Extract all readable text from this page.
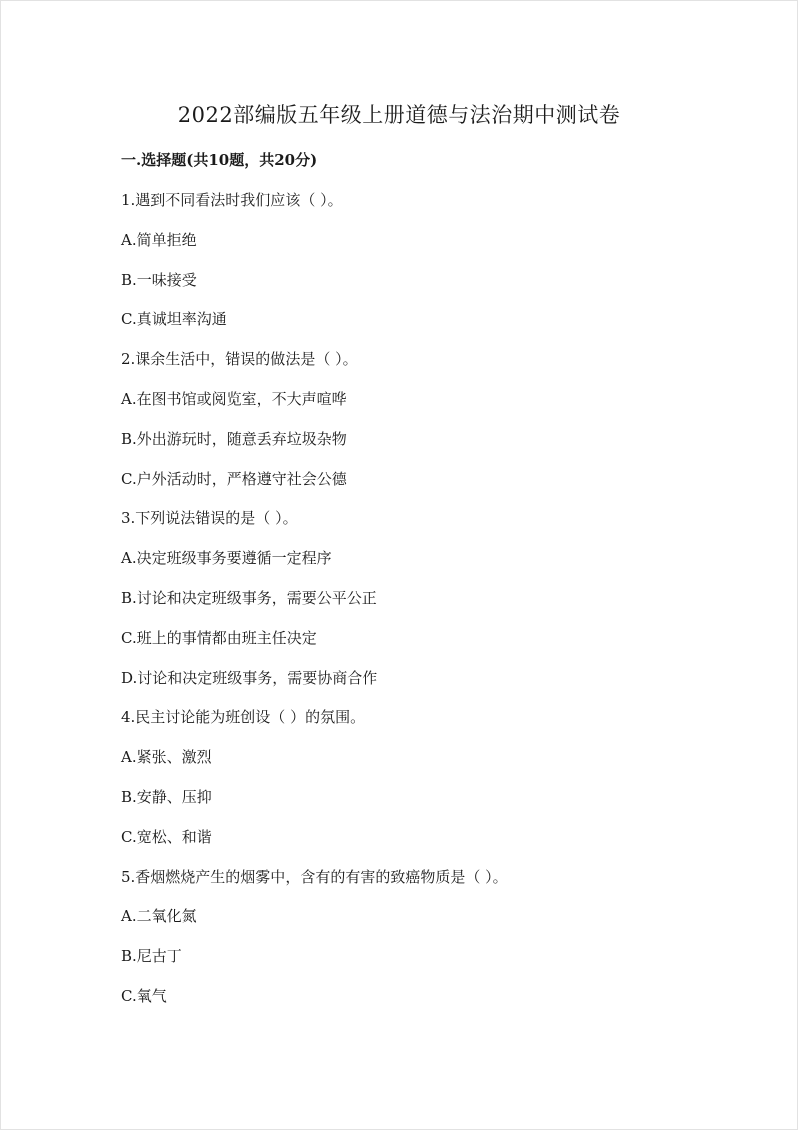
2022部编版五年级上册道德与法治期中测试卷
一.选择题(共10题，共20分)
1.遇到不同看法时我们应该（ ）。
A.简单拒绝
B.一味接受
C.真诚坦率沟通
2.课余生活中，错误的做法是（ ）。
A.在图书馆或阅览室，不大声喧哗
B.外出游玩时，随意丢弃垃圾杂物
C.户外活动时，严格遵守社会公德
3.下列说法错误的是（ ）。
A.决定班级事务要遵循一定程序
B.讨论和决定班级事务，需要公平公正
C.班上的事情都由班主任决定
D.讨论和决定班级事务，需要协商合作
4.民主讨论能为班创设（ ）的氛围。
A.紧张、激烈
B.安静、压抑
C.宽松、和谐
5.香烟燃烧产生的烟雾中，含有的有害的致癌物质是（ ）。
A.二氧化氮
B.尼古丁
C.氧气
